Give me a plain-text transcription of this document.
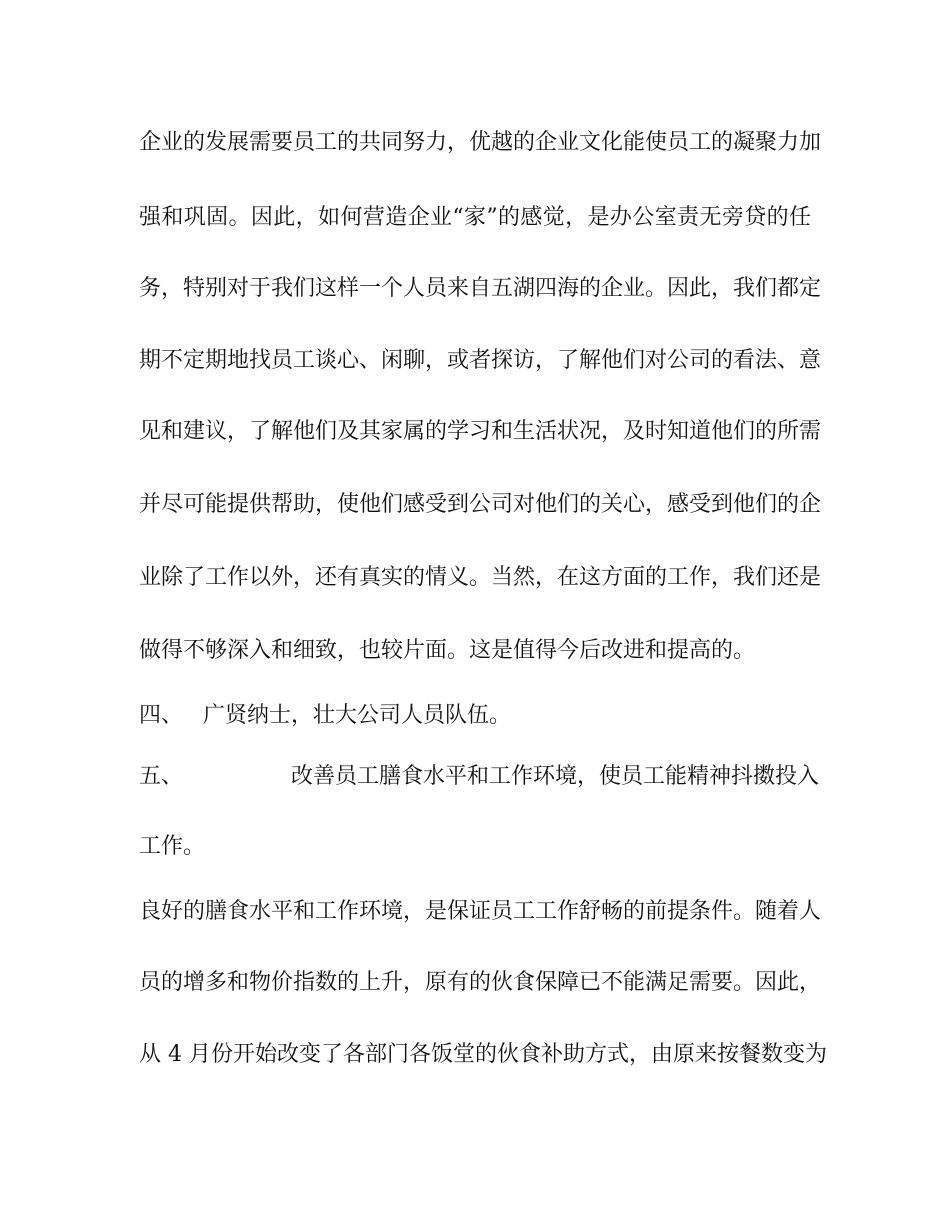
企业的发展需要员工的共同努力，优越的企业文化能使员工的凝聚力加

强和巩固。因此，如何营造企业“家”的感觉，是办公室责无旁贷的任

务，特别对于我们这样一个人员来自五湖四海的企业。因此，我们都定

期不定期地找员工谈心、闲聊，或者探访，了解他们对公司的看法、意

见和建议，了解他们及其家属的学习和生活状况，及时知道他们的所需

并尽可能提供帮助，使他们感受到公司对他们的关心，感受到他们的企

业除了工作以外，还有真实的情义。当然，在这方面的工作，我们还是

做得不够深入和细致，也较片面。这是值得今后改进和提高的。

四、 广贤纳士，壮大公司人员队伍。
五、	改善员工膳食水平和工作环境，使员工能精神抖擞投入

工作。

良好的膳食水平和工作环境，是保证员工工作舒畅的前提条件。随着人

员的增多和物价指数的上升，原有的伙食保障已不能满足需要。因此，

从 4 月份开始改变了各部门各饭堂的伙食补助方式，由原来按餐数变为
